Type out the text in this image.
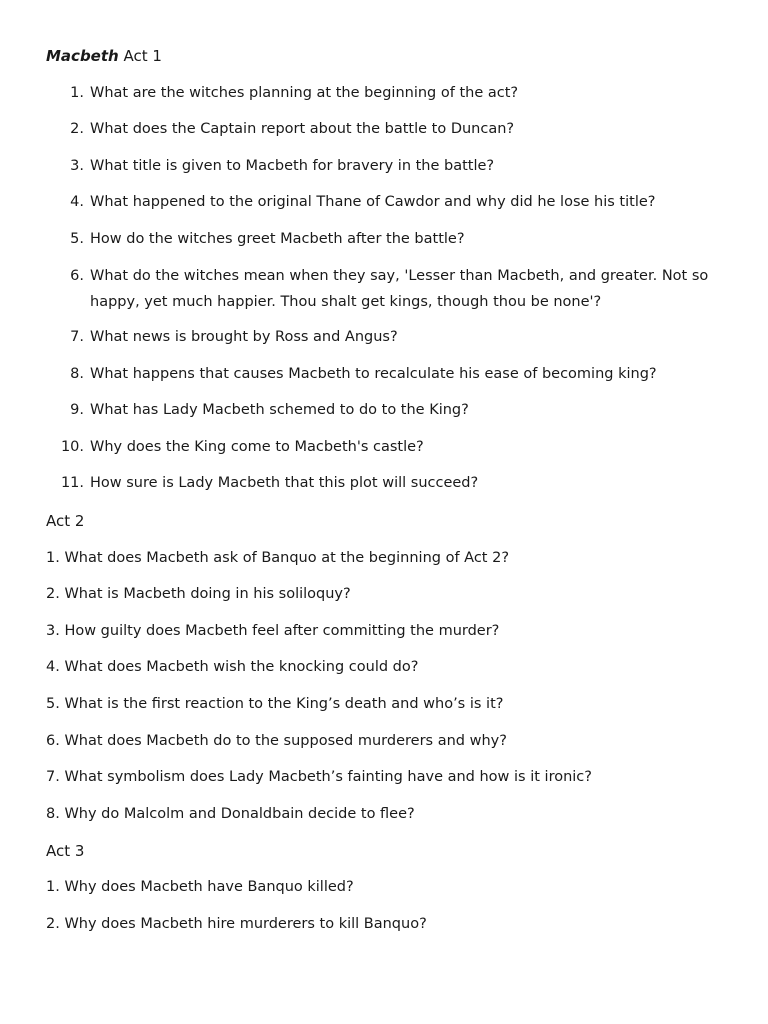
Macbeth Act 1
1. What are the witches planning at the beginning of the act?
2. What does the Captain report about the battle to Duncan?
3. What title is given to Macbeth for bravery in the battle?
4. What happened to the original Thane of Cawdor and why did he lose his title?
5. How do the witches greet Macbeth after the battle?
6. What do the witches mean when they say, 'Lesser than Macbeth, and greater. Not so happy, yet much happier. Thou shalt get kings, though thou be none'?
7. What news is brought by Ross and Angus?
8. What happens that causes Macbeth to recalculate his ease of becoming king?
9. What has Lady Macbeth schemed to do to the King?
10. Why does the King come to Macbeth's castle?
11. How sure is Lady Macbeth that this plot will succeed?
Act 2
1. What does Macbeth ask of Banquo at the beginning of Act 2?
2. What is Macbeth doing in his soliloquy?
3. How guilty does Macbeth feel after committing the murder?
4. What does Macbeth wish the knocking could do?
5. What is the first reaction to the King’s death and who’s is it?
6. What does Macbeth do to the supposed murderers and why?
7. What symbolism does Lady Macbeth’s fainting have and how is it ironic?
8. Why do Malcolm and Donaldbain decide to flee?
Act 3
1. Why does Macbeth have Banquo killed?
2. Why does Macbeth hire murderers to kill Banquo?
